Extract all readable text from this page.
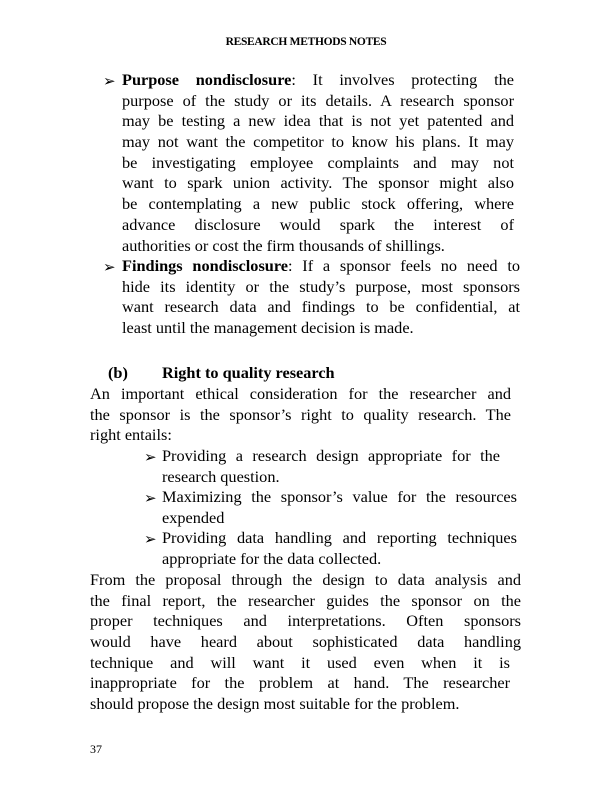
RESEARCH METHODS NOTES
➢ Purpose nondisclosure: It involves protecting the
purpose of the study or its details. A research sponsor
may be testing a new idea that is not yet patented and
may not want the competitor to know his plans. It may
be investigating employee complaints and may not
want to spark union activity. The sponsor might also
be contemplating a new public stock offering, where
advance disclosure would spark the interest of
authorities or cost the firm thousands of shillings.
➢ Findings nondisclosure: If a sponsor feels no need to
hide its identity or the study’s purpose, most sponsors
want research data and findings to be confidential, at
least until the management decision is made.
(b) Right to quality research
An important ethical consideration for the researcher and
the sponsor is the sponsor’s right to quality research. The
right entails:
➢ Providing a research design appropriate for the
research question.
➢ Maximizing the sponsor’s value for the resources
expended
➢ Providing data handling and reporting techniques
appropriate for the data collected.
From the proposal through the design to data analysis and
the final report, the researcher guides the sponsor on the
proper techniques and interpretations. Often sponsors
would have heard about sophisticated data handling
technique and will want it used even when it is
inappropriate for the problem at hand. The researcher
should propose the design most suitable for the problem.
37
